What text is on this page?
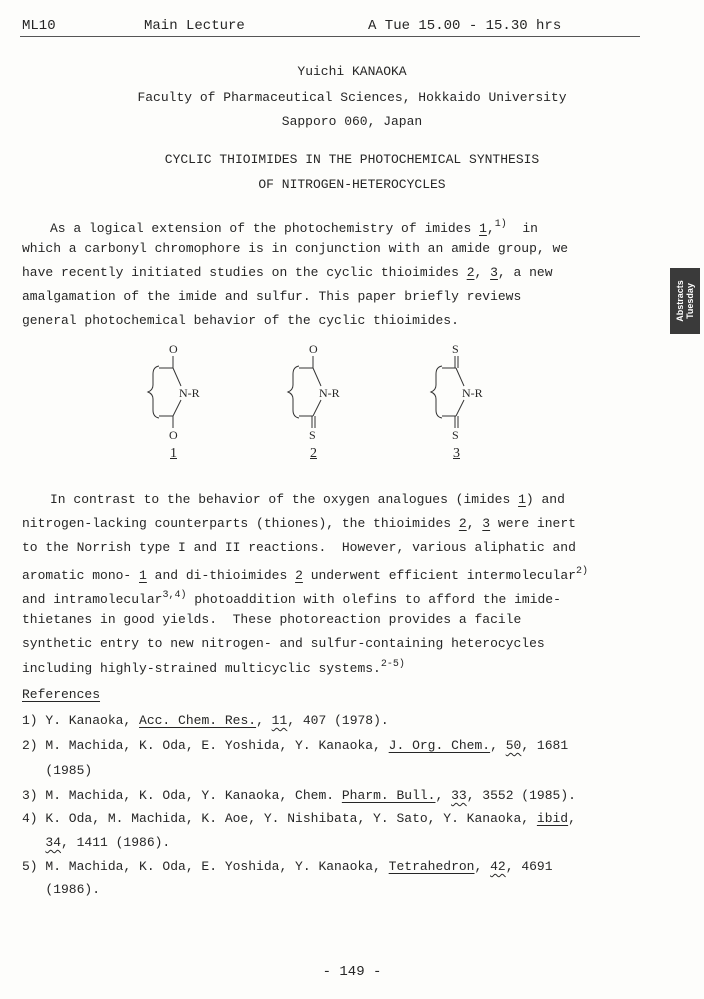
ML10	Main Lecture	A Tue 15.00 - 15.30 hrs
Abstracts
Tuesday
Yuichi KANAOKA
Faculty of Pharmaceutical Sciences, Hokkaido University
Sapporo 060, Japan
CYCLIC THIOIMIDES IN THE PHOTOCHEMICAL SYNTHESIS
OF NITROGEN-HETEROCYCLES
As a logical extension of the photochemistry of imides 1,$^{1)}$  in
which a carbonyl chromophore is in conjunction with an amide group, we
have recently initiated studies on the cyclic thioimides 2, 3, a new
amalgamation of the imide and sulfur. This paper briefly reviews
general photochemical behavior of the cyclic thioimides.
O
O
N-R
1
O
S
N-R
2
S
S
N-R
3
In contrast to the behavior of the oxygen analogues (imides 1) and
nitrogen-lacking counterparts (thiones), the thioimides 2, 3 were inert
to the Norrish type I and II reactions.  However, various aliphatic and
aromatic mono- 1 and di-thioimides 2 underwent efficient intermolecular$^{2)}$
and intramolecular$^{3,4)}$ photoaddition with olefins to afford the imide-
thietanes in good yields.  These photoreaction provides a facile
synthetic entry to new nitrogen- and sulfur-containing heterocycles
including highly-strained multicyclic systems.$^{2-5)}$
References
1) Y. Kanaoka, Acc. Chem. Res., 11, 407 (1978).
2) M. Machida, K. Oda, E. Yoshida, Y. Kanaoka, J. Org. Chem., 50, 1681
(1985)
3) M. Machida, K. Oda, Y. Kanaoka, Chem. Pharm. Bull., 33, 3552 (1985).
4) K. Oda, M. Machida, K. Aoe, Y. Nishibata, Y. Sato, Y. Kanaoka, ibid,
34, 1411 (1986).
5) M. Machida, K. Oda, E. Yoshida, Y. Kanaoka, Tetrahedron, 42, 4691
(1986).
- 149 -
